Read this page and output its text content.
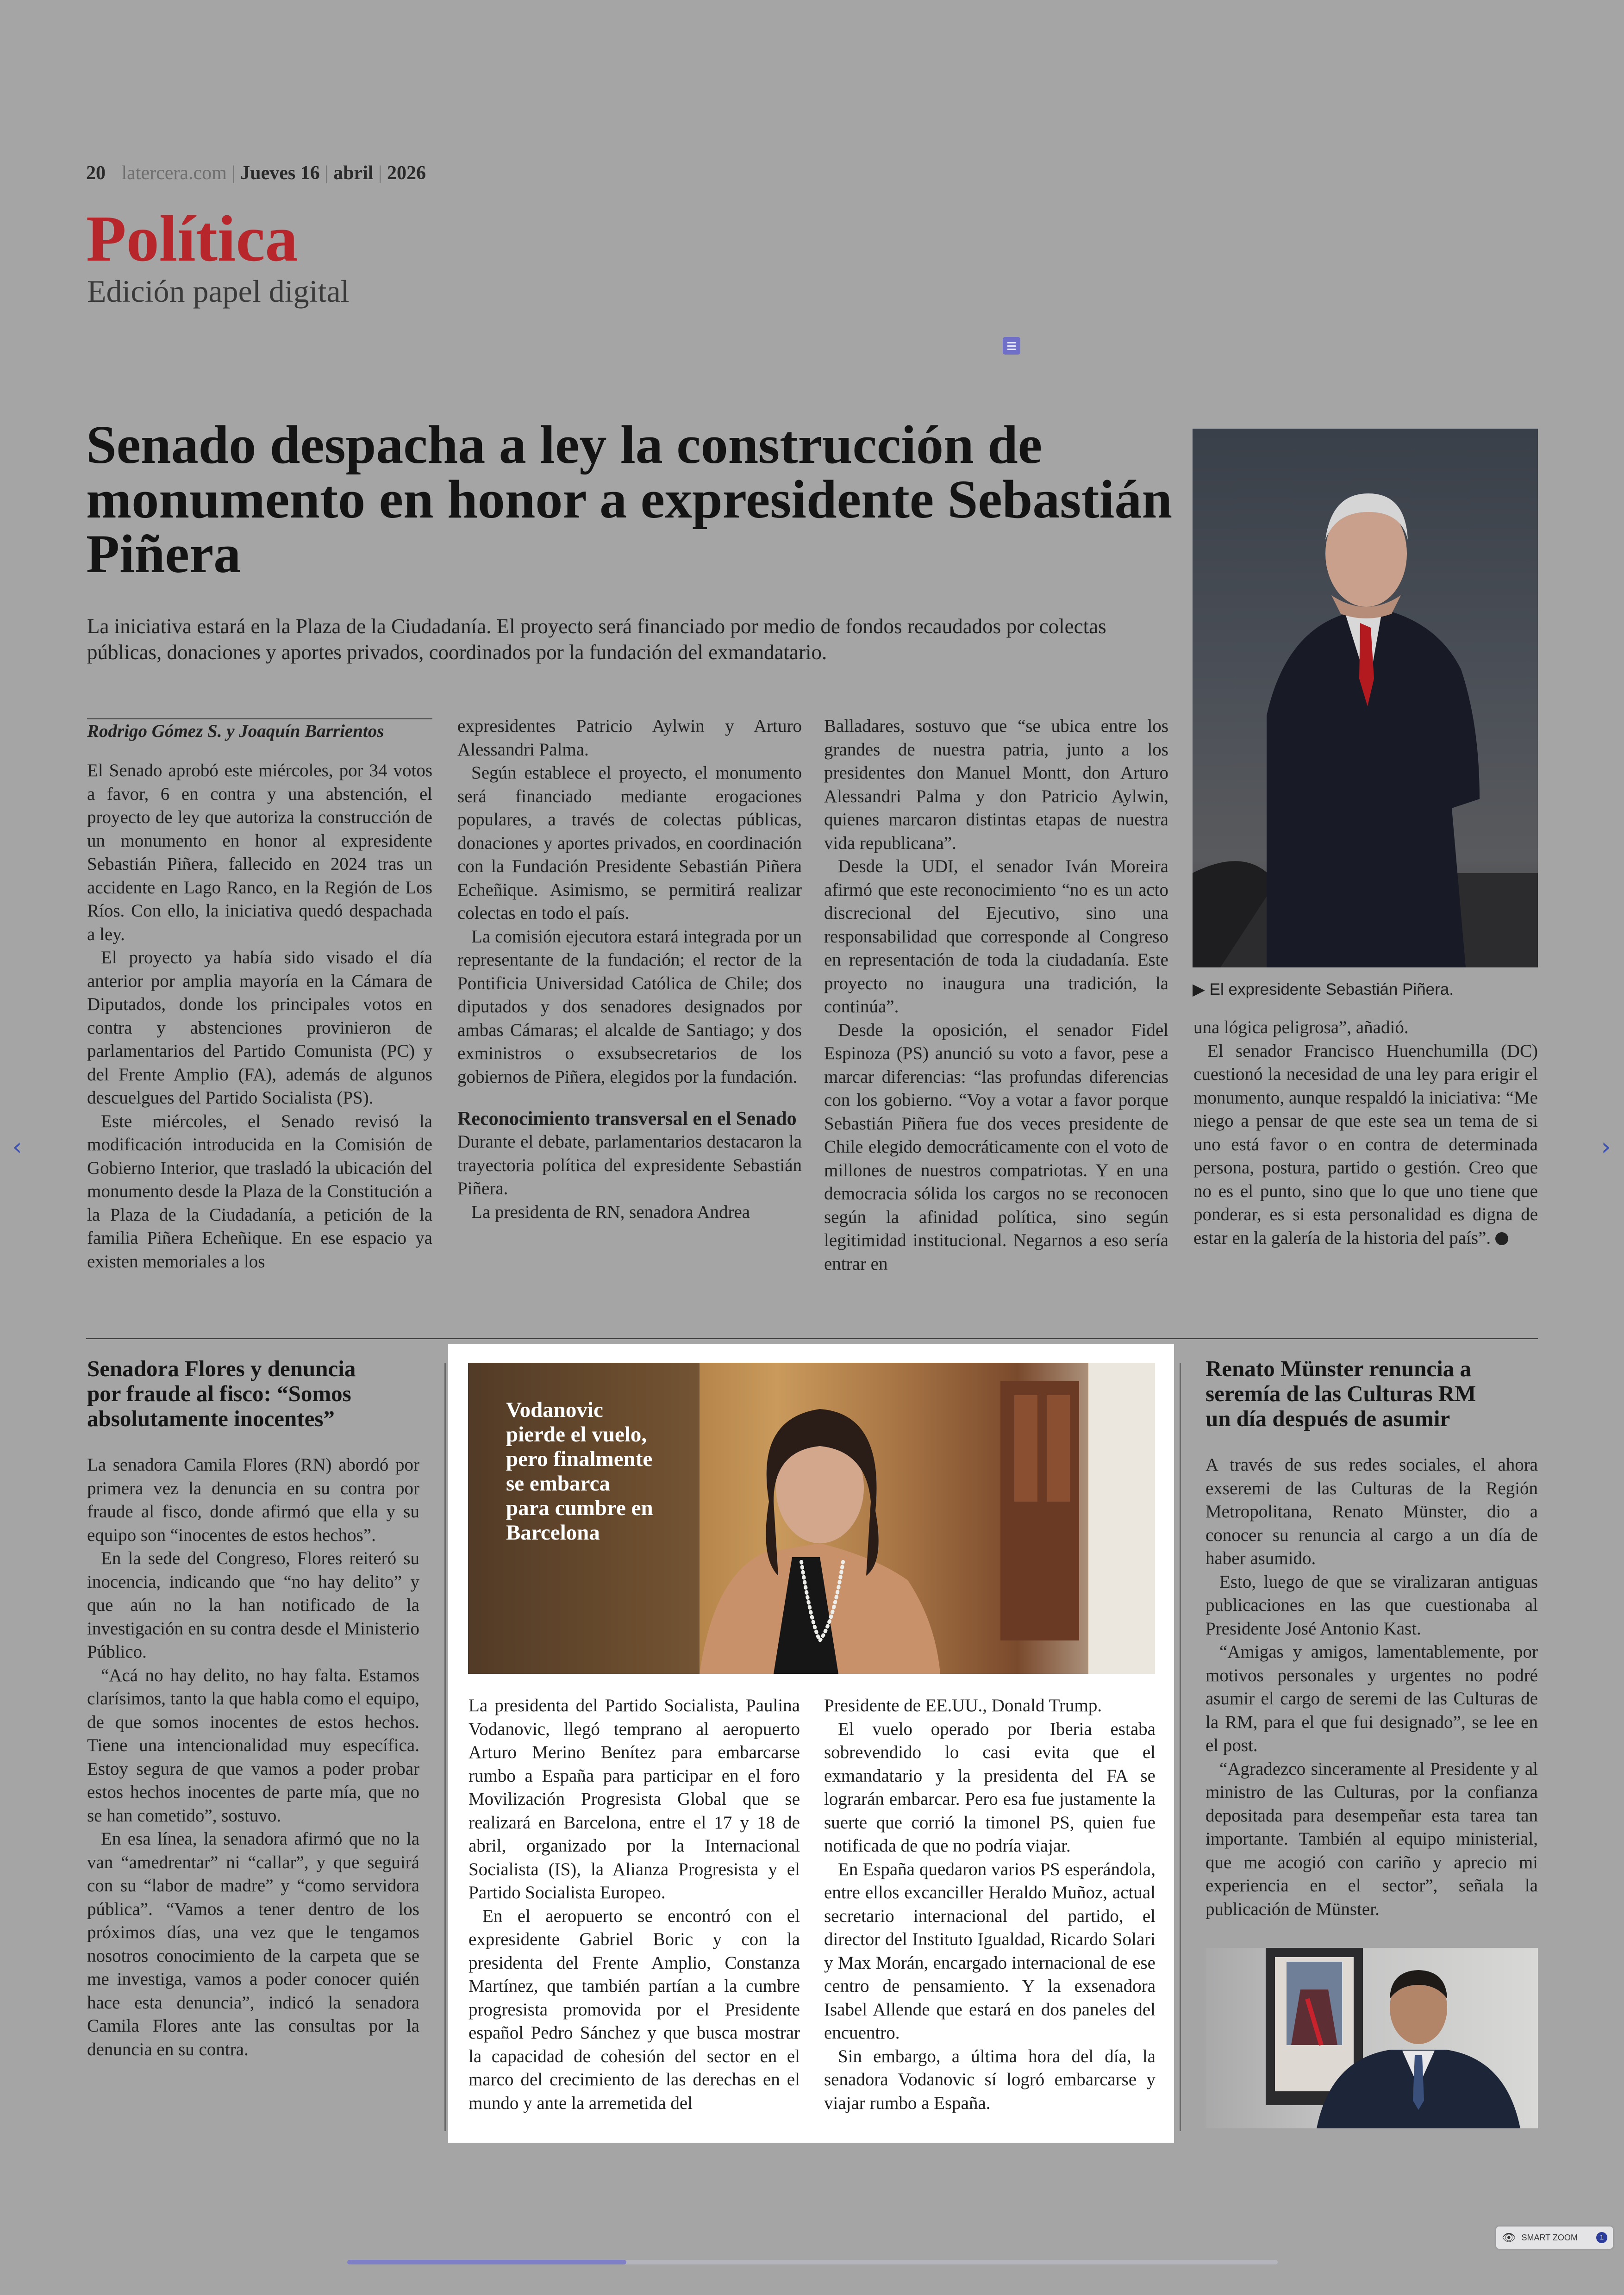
20 latercera.com | Jueves 16 | abril | 2026
Política
Edición papel digital
Senado despacha a ley la construcción de monumento en honor a expresidente Sebastián Piñera
La iniciativa estará en la Plaza de la Ciudadanía. El proyecto será financiado por medio de fondos recaudados por colectas públicas, donaciones y aportes privados, coordinados por la fundación del exmandatario.
Rodrigo Gómez S. y Joaquín Barrientos

El Senado aprobó este miércoles, por 34 votos a favor, 6 en contra y una abstención, el proyecto de ley que autoriza la construcción de un monumento en honor al expresidente Sebastián Piñera, fallecido en 2024 tras un accidente en Lago Ranco, en la Región de Los Ríos. Con ello, la iniciativa quedó despachada a ley.

El proyecto ya había sido visado el día anterior por amplia mayoría en la Cámara de Diputados, donde los principales votos en contra y abstenciones provinieron de parlamentarios del Partido Comunista (PC) y del Frente Amplio (FA), además de algunos descuelgues del Partido Socialista (PS).

Este miércoles, el Senado revisó la modificación introducida en la Comisión de Gobierno Interior, que trasladó la ubicación del monumento desde la Plaza de la Constitución a la Plaza de la Ciudadanía, a petición de la familia Piñera Echeñique. En ese espacio ya existen memoriales a los

expresidentes Patricio Aylwin y Arturo Alessandri Palma.

Según establece el proyecto, el monumento será financiado mediante erogaciones populares, a través de colectas públicas, donaciones y aportes privados, en coordinación con la Fundación Presidente Sebastián Piñera Echeñique. Asimismo, se permitirá realizar colectas en todo el país.

La comisión ejecutora estará integrada por un representante de la fundación; el rector de la Pontificia Universidad Católica de Chile; dos diputados y dos senadores designados por ambas Cámaras; el alcalde de Santiago; y dos exministros o exsubsecretarios de los gobiernos de Piñera, elegidos por la fundación.

Reconocimiento transversal en el Senado

Durante el debate, parlamentarios destacaron la trayectoria política del expresidente Sebastián Piñera.

La presidenta de RN, senadora Andrea

Balladares, sostuvo que “se ubica entre los grandes de nuestra patria, junto a los presidentes don Manuel Montt, don Arturo Alessandri Palma y don Patricio Aylwin, quienes marcaron distintas etapas de nuestra vida republicana”.

Desde la UDI, el senador Iván Moreira afirmó que este reconocimiento “no es un acto discrecional del Ejecutivo, sino una responsabilidad que corresponde al Congreso en representación de toda la ciudadanía. Este proyecto no inaugura una tradición, la continúa”.

Desde la oposición, el senador Fidel Espinoza (PS) anunció su voto a favor, pese a marcar diferencias: “las profundas diferencias con los gobierno. “Voy a votar a favor porque Sebastián Piñera fue dos veces presidente de Chile elegido democráticamente con el voto de millones de nuestros compatriotas. Y en una democracia sólida los cargos no se reconocen según la afinidad política, sino según legitimidad institucional. Negarnos a eso sería entrar en

▶ El expresidente Sebastián Piñera.

una lógica peligrosa”, añadió.

El senador Francisco Huenchumilla (DC) cuestionó la necesidad de una ley para erigir el monumento, aunque respaldó la iniciativa: “Me niego a pensar de que este sea un tema de si uno está favor o en contra de determinada persona, postura, partido o gestión. Creo que no es el punto, sino que lo que uno tiene que ponderar, es si esta personalidad es digna de estar en la galería de la historia del país”.

Senadora Flores y denuncia por fraude al fisco: “Somos absolutamente inocentes”

La senadora Camila Flores (RN) abordó por primera vez la denuncia en su contra por fraude al fisco, donde afirmó que ella y su equipo son “inocentes de estos hechos”.

En la sede del Congreso, Flores reiteró su inocencia, indicando que “no hay delito” y que aún no la han notificado de la investigación en su contra desde el Ministerio Público.

“Acá no hay delito, no hay falta. Estamos clarísimos, tanto la que habla como el equipo, de que somos inocentes de estos hechos. Tiene una intencionalidad muy específica. Estoy segura de que vamos a poder probar estos hechos inocentes de parte mía, que no se han cometido”, sostuvo.

En esa línea, la senadora afirmó que no la van “amedrentar” ni “callar”, y que seguirá con su “labor de madre” y “como servidora pública”. “Vamos a tener dentro de los próximos días, una vez que le tengamos nosotros conocimiento de la carpeta que se me investiga, vamos a poder conocer quién hace esta denuncia”, indicó la senadora Camila Flores ante las consultas por la denuncia en su contra.

Vodanovic pierde el vuelo, pero finalmente se embarca para cumbre en Barcelona

La presidenta del Partido Socialista, Paulina Vodanovic, llegó temprano al aeropuerto Arturo Merino Benítez para embarcarse rumbo a España para participar en el foro Movilización Progresista Global que se realizará en Barcelona, entre el 17 y 18 de abril, organizado por la Internacional Socialista (IS), la Alianza Progresista y el Partido Socialista Europeo.

En el aeropuerto se encontró con el expresidente Gabriel Boric y con la presidenta del Frente Amplio, Constanza Martínez, que también partían a la cumbre progresista promovida por el Presidente español Pedro Sánchez y que busca mostrar la capacidad de cohesión del sector en el marco del crecimiento de las derechas en el mundo y ante la arremetida del

Presidente de EE.UU., Donald Trump.

El vuelo operado por Iberia estaba sobrevendido lo casi evita que el exmandatario y la presidenta del FA se lograrán embarcar. Pero esa fue justamente la suerte que corrió la timonel PS, quien fue notificada de que no podría viajar.

En España quedaron varios PS esperándola, entre ellos excanciller Heraldo Muñoz, actual secretario internacional del partido, el director del Instituto Igualdad, Ricardo Solari y Max Morán, encargado internacional de ese centro de pensamiento. Y la exsenadora Isabel Allende que estará en dos paneles del encuentro.

Sin embargo, a última hora del día, la senadora Vodanovic sí logró embarcarse y viajar rumbo a España.

Renato Münster renuncia a seremía de las Culturas RM un día después de asumir

A través de sus redes sociales, el ahora exseremi de las Culturas de la Región Metropolitana, Renato Münster, dio a conocer su renuncia al cargo a un día de haber asumido.

Esto, luego de que se viralizaran antiguas publicaciones en las que cuestionaba al Presidente José Antonio Kast.

“Amigas y amigos, lamentablemente, por motivos personales y urgentes no podré asumir el cargo de seremi de las Culturas de la RM, para el que fui designado”, se lee en el post.

“Agradezco sinceramente al Presidente y al ministro de las Culturas, por la confianza depositada para desempeñar esta tarea tan importante. También al equipo ministerial, que me acogió con cariño y aprecio mi experiencia en el sector”, señala la publicación de Münster.

‹	›
👁 SMART ZOOM	1
